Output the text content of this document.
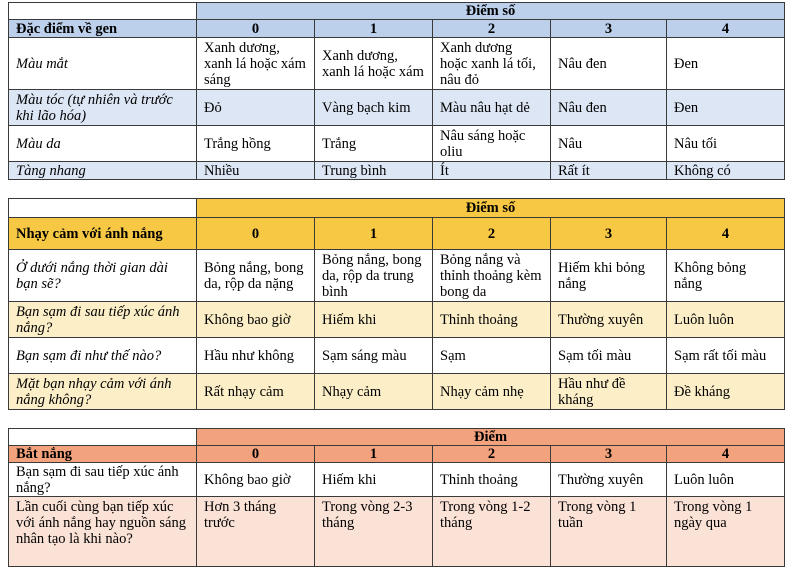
	Điểm số				
Đặc điểm về gen	0	1	2	3	4
Màu mắt	Xanh dương, xanh lá hoặc xám sáng	Xanh dương, xanh lá hoặc xám	Xanh dương hoặc xanh lá tối, nâu đỏ	Nâu đen	Đen
Màu tóc (tự nhiên và trước khi lão hóa)	Đỏ	Vàng bạch kim	Màu nâu hạt dẻ	Nâu đen	Đen
Màu da	Trắng hồng	Trắng	Nâu sáng hoặc oliu	Nâu	Nâu tối
Tàng nhang	Nhiều	Trung bình	Ít	Rất ít	Không có
	Điểm số				
Nhạy cảm với ánh nắng	0	1	2	3	4
Ở dưới nắng thời gian dài bạn sẽ?	Bỏng nắng, bong da, rộp da nặng	Bỏng nắng, bong da, rộp da trung bình	Bỏng nắng và thỉnh thoảng kèm bong da	Hiếm khi bỏng nắng	Không bỏng nắng
Bạn sạm đi sau tiếp xúc ánh nắng?	Không bao giờ	Hiếm khi	Thỉnh thoảng	Thường xuyên	Luôn luôn
Bạn sạm đi như thế nào?	Hầu như không	Sạm sáng màu	Sạm	Sạm tối màu	Sạm rất tối màu
Mặt bạn nhạy cảm với ánh nắng không?	Rất nhạy cảm	Nhạy cảm	Nhạy cảm nhẹ	Hầu như đề kháng	Đề kháng
	Điểm				
Bắt nắng	0	1	2	3	4
Bạn sạm đi sau tiếp xúc ánh nắng?	Không bao giờ	Hiếm khi	Thỉnh thoảng	Thường xuyên	Luôn luôn
Lần cuối cùng bạn tiếp xúc với ánh nắng hay nguồn sáng nhân tạo là khi nào?	Hơn 3 tháng trước	Trong vòng 2-3 tháng	Trong vòng 1-2 tháng	Trong vòng 1 tuần	Trong vòng 1 ngày qua
